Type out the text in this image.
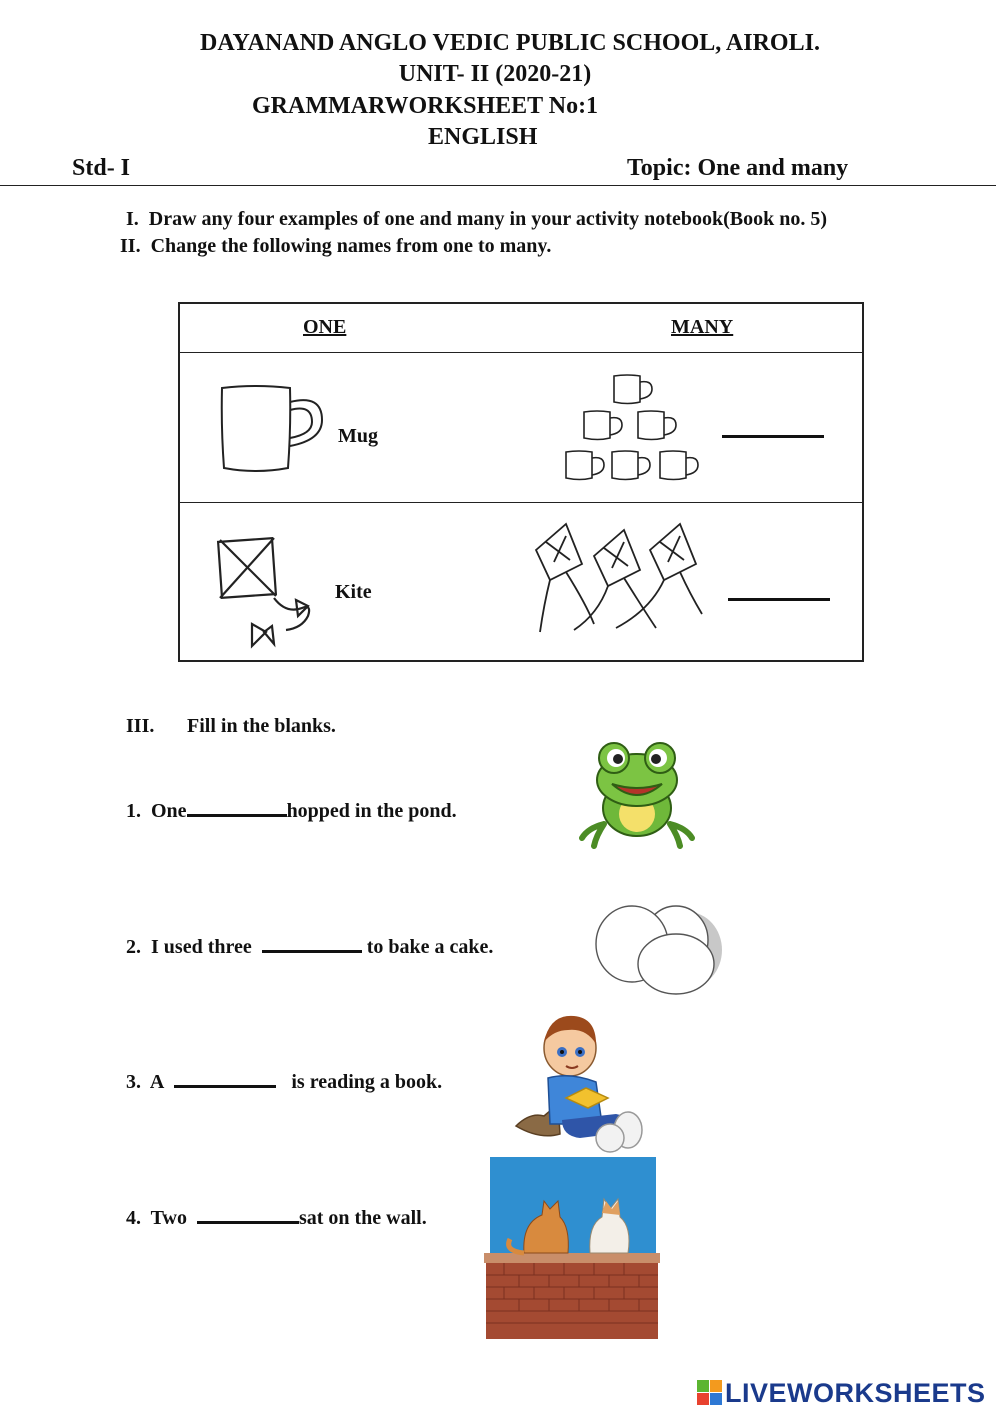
DAYANAND ANGLO VEDIC PUBLIC SCHOOL, AIROLI.
UNIT- II (2020-21)
GRAMMARWORKSHEET No:1
ENGLISH
Std- I	Topic: One and many
I. Draw any four examples of one and many in your activity notebook(Book no. 5)
II. Change the following names from one to many.
ONE	MANY
Mug
Kite
III. Fill in the blanks.
1. One	hopped in the pond.
2. I used three	to bake a cake.
3. A	is reading a book.
4. Two	sat on the wall.
LIVEWORKSHEETS
